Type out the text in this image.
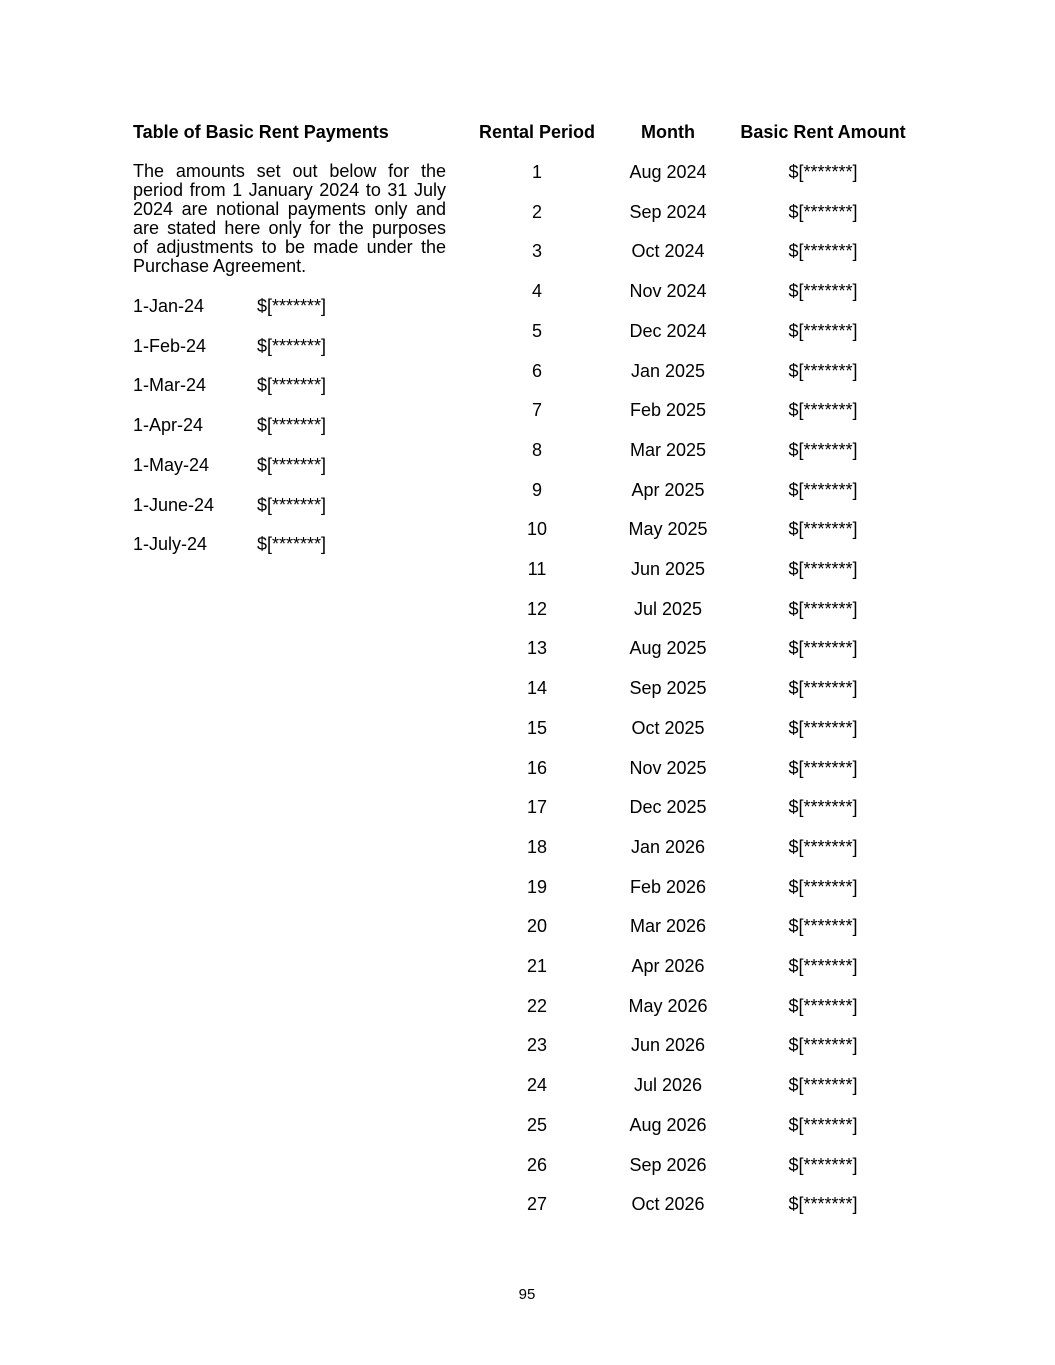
Table of Basic Rent Payments
The amounts set out below for the period from 1 January 2024 to 31 July 2024 are notional payments only and are stated here only for the purposes of adjustments to be made under the Purchase Agreement.
Rental Period	Month	Basic Rent Amount
1-Jan-24	$[*******]
1-Feb-24	$[*******]
1-Mar-24	$[*******]
1-Apr-24	$[*******]
1-May-24	$[*******]
1-June-24 $[*******]
1-July-24	$[*******]
1	Aug 2024	$[*******]
2	Sep 2024	$[*******]
3	Oct 2024	$[*******]
4	Nov 2024	$[*******]
5	Dec 2024	$[*******]
6	Jan 2025	$[*******]
7	Feb 2025	$[*******]
8	Mar 2025	$[*******]
9	Apr 2025	$[*******]
10	May 2025	$[*******]
11	Jun 2025	$[*******]
12	Jul 2025	$[*******]
13	Aug 2025	$[*******]
14	Sep 2025	$[*******]
15	Oct 2025	$[*******]
16	Nov 2025	$[*******]
17	Dec 2025	$[*******]
18	Jan 2026	$[*******]
19	Feb 2026	$[*******]
20	Mar 2026	$[*******]
21	Apr 2026	$[*******]
22	May 2026	$[*******]
23	Jun 2026	$[*******]
24	Jul 2026	$[*******]
25	Aug 2026	$[*******]
26	Sep 2026	$[*******]
27	Oct 2026	$[*******]
95
